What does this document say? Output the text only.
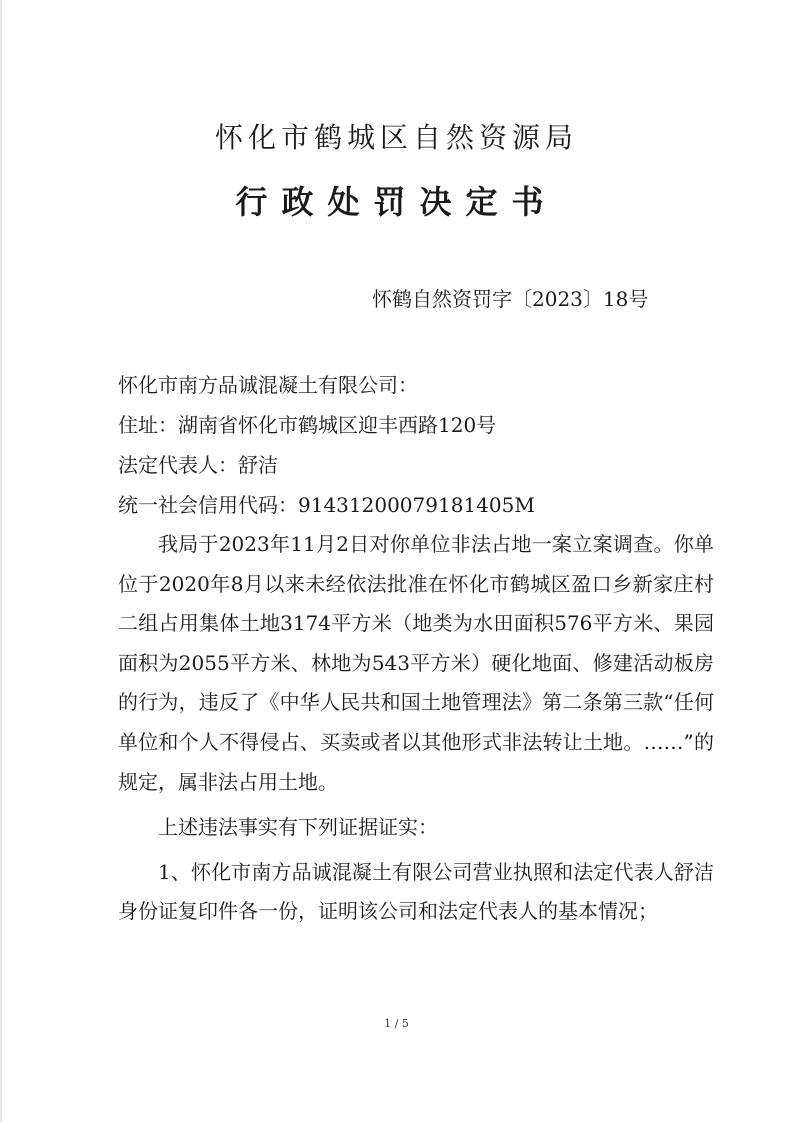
怀化市鹤城区自然资源局
行政处罚决定书
怀鹤自然资罚字〔2023〕18号
怀化市南方品诚混凝土有限公司：
住址：湖南省怀化市鹤城区迎丰西路120号
法定代表人：舒洁
统一社会信用代码：91431200079181405M
我局于2023年11月2日对你单位非法占地一案立案调查。你单位于2020年8月以来未经依法批准在怀化市鹤城区盈口乡新家庄村二组占用集体土地3174平方米（地类为水田面积576平方米、果园面积为2055平方米、林地为543平方米）硬化地面、修建活动板房的行为，违反了《中华人民共和国土地管理法》第二条第三款“任何单位和个人不得侵占、买卖或者以其他形式非法转让土地。……”的规定，属非法占用土地。
上述违法事实有下列证据证实：
1、怀化市南方品诚混凝土有限公司营业执照和法定代表人舒洁身份证复印件各一份，证明该公司和法定代表人的基本情况；
1 / 5
